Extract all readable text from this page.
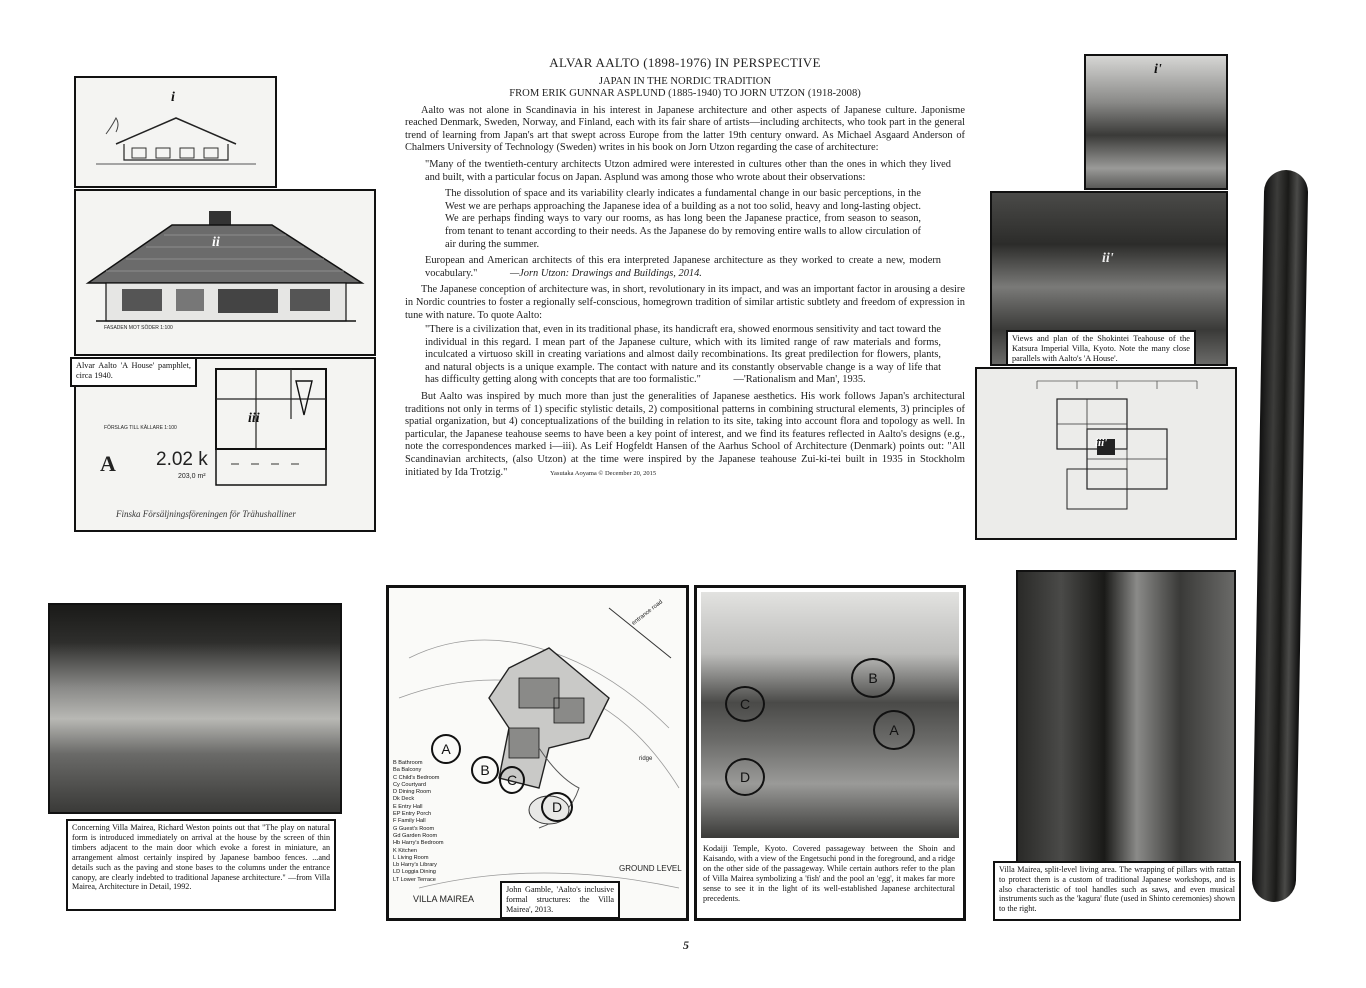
i
ii
FASADEN MOT SÖDER 1:100
iii
FÖRSLAG TILL KÄLLARE 1:100
A 2.02 k
203,0 m²
Finska Försäljningsföreningen för Trähushalliner
Alvar Aalto 'A House' pamphlet, circa 1940.
ALVAR AALTO (1898-1976) IN PERSPECTIVE
JAPAN IN THE NORDIC TRADITION
FROM ERIK GUNNAR ASPLUND (1885-1940) TO JORN UTZON (1918-2008)

Aalto was not alone in Scandinavia in his interest in Japanese architecture and other aspects of Japanese culture. Japonisme reached Denmark, Sweden, Norway, and Finland, each with its fair share of artists—including architects, who took part in the general trend of learning from Japan's art that swept across Europe from the latter 19th century onward. As Michael Asgaard Anderson of Chalmers University of Technology (Sweden) writes in his book on Jorn Utzon regarding the case of architecture:

"Many of the twentieth-century architects Utzon admired were interested in cultures other than the ones in which they lived and built, with a particular focus on Japan. Asplund was among those who wrote about their observations:

The dissolution of space and its variability clearly indicates a fundamental change in our basic perceptions, in the West we are perhaps approaching the Japanese idea of a building as a not too solid, heavy and long-lasting object. We are perhaps finding ways to vary our rooms, as has long been the Japanese practice, from season to season, from tenant to tenant according to their needs. As the Japanese do by removing entire walls to allow circulation of air during the summer.

European and American architects of this era interpreted Japanese architecture as they worked to create a new, modern vocabulary."	—Jorn Utzon: Drawings and Buildings, 2014.

The Japanese conception of architecture was, in short, revolutionary in its impact, and was an important factor in arousing a desire in Nordic countries to foster a regionally self-conscious, homegrown tradition of similar artistic subtlety and freedom of expression in tune with nature. To quote Aalto:

"There is a civilization that, even in its traditional phase, its handicraft era, showed enormous sensitivity and tact toward the individual in this regard. I mean part of the Japanese culture, which with its limited range of raw materials and forms, inculcated a virtuoso skill in creating variations and almost daily recombinations. Its great predilection for flowers, plants, and natural objects is a unique example. The contact with nature and its constantly observable change is a way of life that has difficulty getting along with concepts that are too formalistic."	—'Rationalism and Man', 1935.

But Aalto was inspired by much more than just the generalities of Japanese aesthetics. His work follows Japan's architectural traditions not only in terms of 1) specific stylistic details, 2) compositional patterns in combining structural elements, 3) principles of spatial organization, but 4) conceptualizations of the building in relation to its site, taking into account flora and topology as well. In particular, the Japanese teahouse seems to have been a key point of interest, and we find its features reflected in Aalto's designs (e.g., note the correspondences marked i—iii). As Leif Hogfeldt Hansen of the Aarhus School of Architecture (Denmark) points out: "All Scandinavian architects, (also Utzon) at the time were inspired by the Japanese teahouse Zui-ki-tei built in 1935 in Stockholm initiated by Ida Trotzig."	Yasutaka Aoyama © December 20, 2015

i'
ii'
Views and plan of the Shokintei Teahouse of the Katsura Imperial Villa, Kyoto. Note the many close parallels with Aalto's 'A House'.
iii'
Concerning Villa Mairea, Richard Weston points out that "The play on natural form is introduced immediately on arrival at the house by the screen of thin timbers adjacent to the main door which evoke a forest in miniature, an arrangement almost certainly inspired by Japanese bamboo fences. ...and details such as the paving and stone bases to the columns under the entrance canopy, are clearly indebted to traditional Japanese architecture." —from Villa Mairea, Architecture in Detail, 1992.
entrance road
ridge
GROUND LEVEL
VILLA MAIREA
B Bathroom
Ba Balcony
C Child's Bedroom
Cy Courtyard
D Dining Room
Dk Deck
E Entry Hall
EP Entry Porch
F Family Hall
G Guest's Room
Gd Garden Room
Hb Harry's Bedroom
K Kitchen
L Living Room
Lb Harry's Library
LD Loggia Dining
LT Lower Terrace
A
B
C
D
John Gamble, 'Aalto's inclusive formal structures: the Villa Mairea', 2013.
C
B
A
D
Kodaiji Temple, Kyoto. Covered passageway between the Shoin and Kaisando, with a view of the Engetsuchi pond in the foreground, and a ridge on the other side of the passageway. While certain authors refer to the plan of Villa Mairea symbolizing a 'fish' and the pool an 'egg', it makes far more sense to see it in the light of its well-established Japanese architectural precedents.
Villa Mairea, split-level living area. The wrapping of pillars with rattan to protect them is a custom of traditional Japanese workshops, and is also characteristic of tool handles such as saws, and even musical instruments such as the 'kagura' flute (used in Shinto ceremonies) shown to the right.
5
